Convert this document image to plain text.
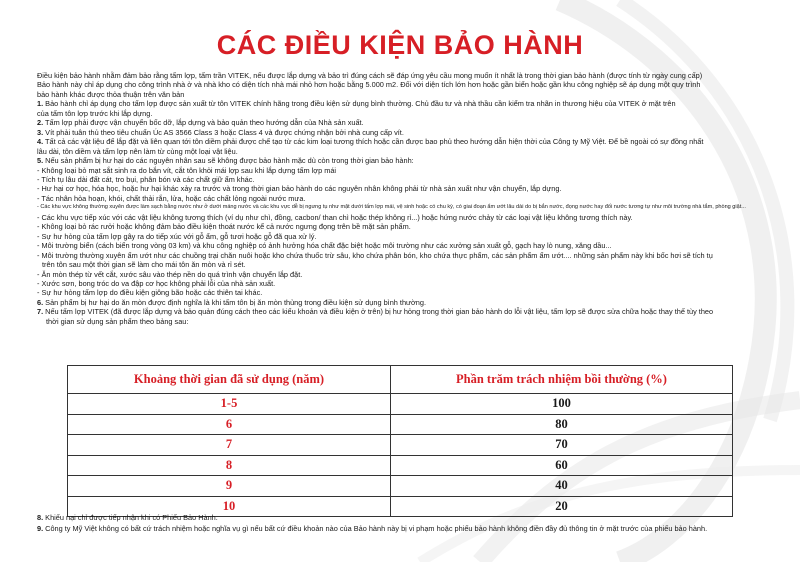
CÁC ĐIỀU KIỆN BẢO HÀNH

Điều kiện bảo hành nhằm đảm bảo rằng tấm lợp, tấm trần VITEK, nếu được lắp dựng và bảo trì đúng cách sẽ đáp ứng yêu cầu mong muốn ít nhất là trong thời gian bảo hành (được tính từ ngày cung cấp)

Bảo hành này chỉ áp dụng cho công trình nhà ở và nhà kho có diện tích nhà mái nhỏ hơn hoặc bằng 5.000 m2. Đối với diện tích lớn hơn hoặc gần biển hoặc gần khu công nghiệp sẽ áp dụng một quy trình

bảo hành khác được thỏa thuận trên văn bản

1. Bảo hành chỉ áp dụng cho tấm lợp được sản xuất từ tôn VITEK chính hãng trong điều kiện sử dụng bình thường. Chủ đầu tư và nhà thầu cần kiểm tra nhãn in thương hiệu của VITEK ở mặt trên

của tấm tôn lợp trước khi lắp dựng.

2. Tấm lợp phải được vận chuyển bốc dỡ, lắp dựng và bảo quản theo hướng dẫn của Nhà sản xuất.

3. Vít phải tuân thủ theo tiêu chuẩn Úc AS 3566 Class 3 hoặc Class 4 và được chứng nhận bởi nhà cung cấp vít.

4. Tất cả các vật liệu để lắp đặt và liên quan tới tôn diềm phải được chế tạo từ các kim loại tương thích hoặc cần được bao phủ theo hướng dẫn hiện thời của Công ty Mỹ Việt. Để bề ngoài có sự đồng nhất

lâu dài, tôn diềm và tấm lợp nên làm từ cùng một loại vật liệu.

5. Nếu sản phẩm bị hư hại do các nguyên nhân sau sẽ không được bảo hành mặc dù còn trong thời gian bảo hành:

- Không loại bỏ mạt sắt sinh ra do bắn vít, cắt tôn khỏi mái lợp sau khi lắp dựng tấm lợp mái

- Tích tụ lâu dài đất cát, tro bụi, phân bón và các chất giữ ẩm khác.

- Hư hại cơ học, hóa học, hoặc hư hại khác xảy ra trước và trong thời gian bảo hành do các nguyên nhân không phải từ nhà sản xuất như vận chuyển, lắp dựng.

- Tác nhân hỏa hoạn, khói, chất thải rắn, lửa, hoặc các chất lỏng ngoài nước mưa.

- Các khu vực không thường xuyên được làm sạch bằng nước như ở dưới máng nước và các khu vực dễ bị ngưng tụ như mặt dưới tấm lợp mái, vệ sinh hoặc có chu kỳ, có giai đoạn ẩm ướt lâu dài do bị bắn nước, đọng nước hay đối nước tương tự như môi trường nhà tắm, phòng giặt...

- Các khu vực tiếp xúc với các vật liệu không tương thích (ví dụ như chì, đồng, cacbon/ than chì hoặc thép không rỉ...) hoặc hứng nước chảy từ các loại vật liệu không tương thích này.

- Không loại bỏ rác rưởi hoặc không đảm bảo điều kiện thoát nước kể cả nước ngưng đọng trên bề mặt sản phẩm.

- Sự hư hỏng của tấm lợp gây ra do tiếp xúc với gỗ ẩm, gỗ tươi hoặc gỗ đã qua xử lý.

- Môi trường biển (cách biển trong vòng 03 km) và khu công nghiệp có ảnh hưởng hóa chất đặc biệt hoặc môi trường như các xưởng sản xuất gỗ, gạch hay lò nung, xăng dầu...

- Môi trường thường xuyên ẩm ướt như các chuồng trại chăn nuôi hoặc kho chứa thuốc trừ sâu, kho chứa phân bón, kho chứa thực phẩm, các sản phẩm ẩm ướt.... những sản phẩm này khi bốc hơi sẽ tích tụ

trên tôn sau một thời gian sẽ làm cho mái tôn ăn mòn và rỉ sét.

- Ăn mòn thép từ vết cắt, xước sâu vào thép nền do quá trình vận chuyển lắp đặt.

- Xước sơn, bong tróc do va đập cơ học không phải lỗi của nhà sản xuất.

- Sự hư hỏng tấm lợp do điều kiện giông bão hoặc các thiên tai khác.

6. Sản phẩm bị hư hại do ăn mòn được định nghĩa là khi tấm tôn bị ăn mòn thủng trong điều kiện sử dụng bình thường.

7. Nếu tấm lợp VITEK (đã được lắp dựng và bảo quản đúng cách theo các kiểu khoản và điều kiện ở trên) bị hư hỏng trong thời gian bảo hành do lỗi vật liệu, tấm lợp sẽ được sửa chữa hoặc thay thế tùy theo

thời gian sử dụng sản phẩm theo bảng sau:

Khoảng thời gian đã sử dụng (năm)	Phần trăm trách nhiệm bồi thường (%)
1-5	100
6	80
7	70
8	60
9	40
10	20

8. Khiếu nại chỉ được tiếp nhận khi có Phiếu Bảo Hành.

9. Công ty Mỹ Việt không có bất cứ trách nhiệm hoặc nghĩa vụ gì nếu bất cứ điều khoản nào của Bảo hành này bị vi phạm hoặc phiếu bảo hành không điền đầy đủ thông tin ở mặt trước của phiếu bảo hành.
